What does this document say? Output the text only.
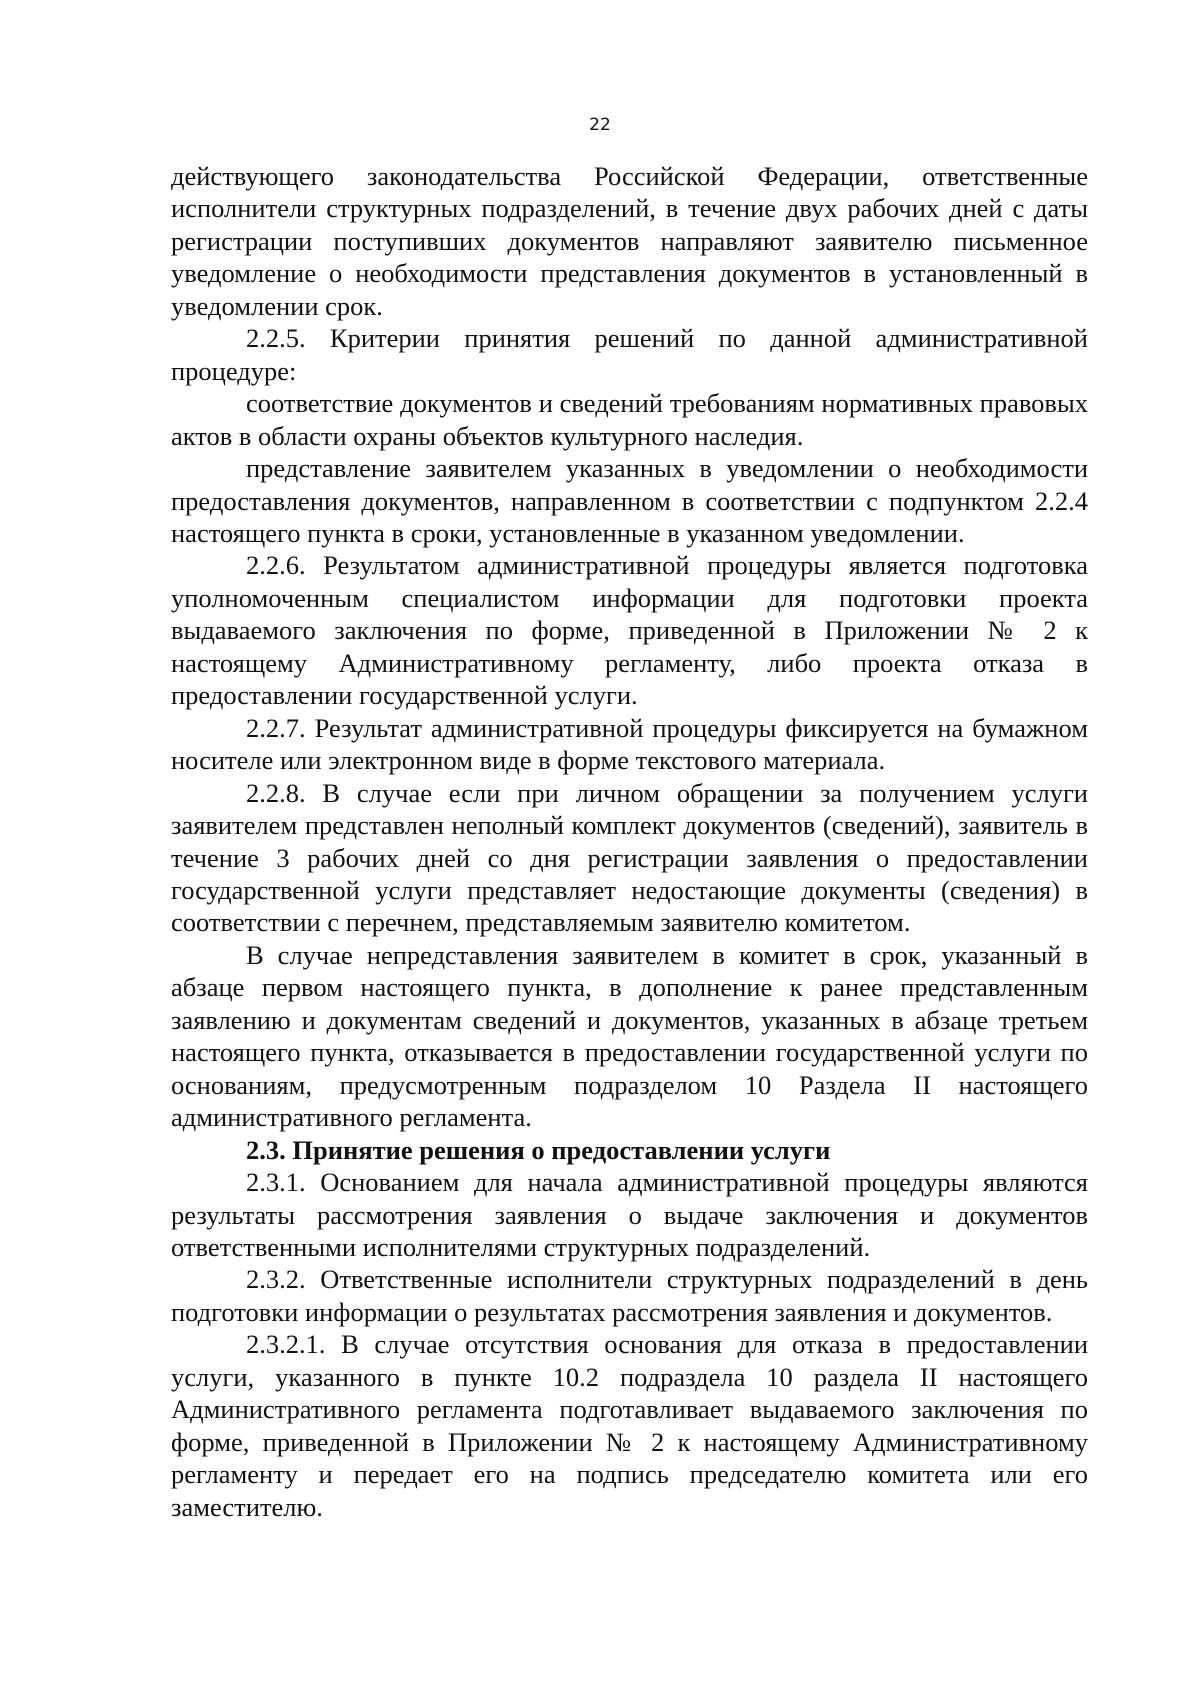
22

действующего законодательства Российской Федерации, ответственные исполнители структурных подразделений, в течение двух рабочих дней с даты регистрации поступивших документов направляют заявителю письменное уведомление о необходимости представления документов в установленный в уведомлении срок.

2.2.5. Критерии принятия решений по данной административной процедуре:

соответствие документов и сведений требованиям нормативных правовых актов в области охраны объектов культурного наследия.

представление заявителем указанных в уведомлении о необходимости предоставления документов, направленном в соответствии с подпунктом 2.2.4 настоящего пункта в сроки, установленные в указанном уведомлении.

2.2.6. Результатом административной процедуры является подготовка уполномоченным специалистом информации для подготовки проекта выдаваемого заключения по форме, приведенной в Приложении № 2 к настоящему Административному регламенту, либо проекта отказа в предоставлении государственной услуги.

2.2.7. Результат административной процедуры фиксируется на бумажном носителе или электронном виде в форме текстового материала.

2.2.8. В случае если при личном обращении за получением услуги заявителем представлен неполный комплект документов (сведений), заявитель в течение 3 рабочих дней со дня регистрации заявления о предоставлении государственной услуги представляет недостающие документы (сведения) в соответствии с перечнем, представляемым заявителю комитетом.

В случае непредставления заявителем в комитет в срок, указанный в абзаце первом настоящего пункта, в дополнение к ранее представленным заявлению и документам сведений и документов, указанных в абзаце третьем настоящего пункта, отказывается в предоставлении государственной услуги по основаниям, предусмотренным подразделом 10 Раздела II настоящего административного регламента.

2.3. Принятие решения о предоставлении услуги

2.3.1. Основанием для начала административной процедуры являются результаты рассмотрения заявления о выдаче заключения и документов ответственными исполнителями структурных подразделений.

2.3.2. Ответственные исполнители структурных подразделений в день подготовки информации о результатах рассмотрения заявления и документов.

2.3.2.1. В случае отсутствия основания для отказа в предоставлении услуги, указанного в пункте 10.2 подраздела 10 раздела II настоящего Административного регламента подготавливает выдаваемого заключения по форме, приведенной в Приложении № 2 к настоящему Административному регламенту и передает его на подпись председателю комитета или его заместителю.
